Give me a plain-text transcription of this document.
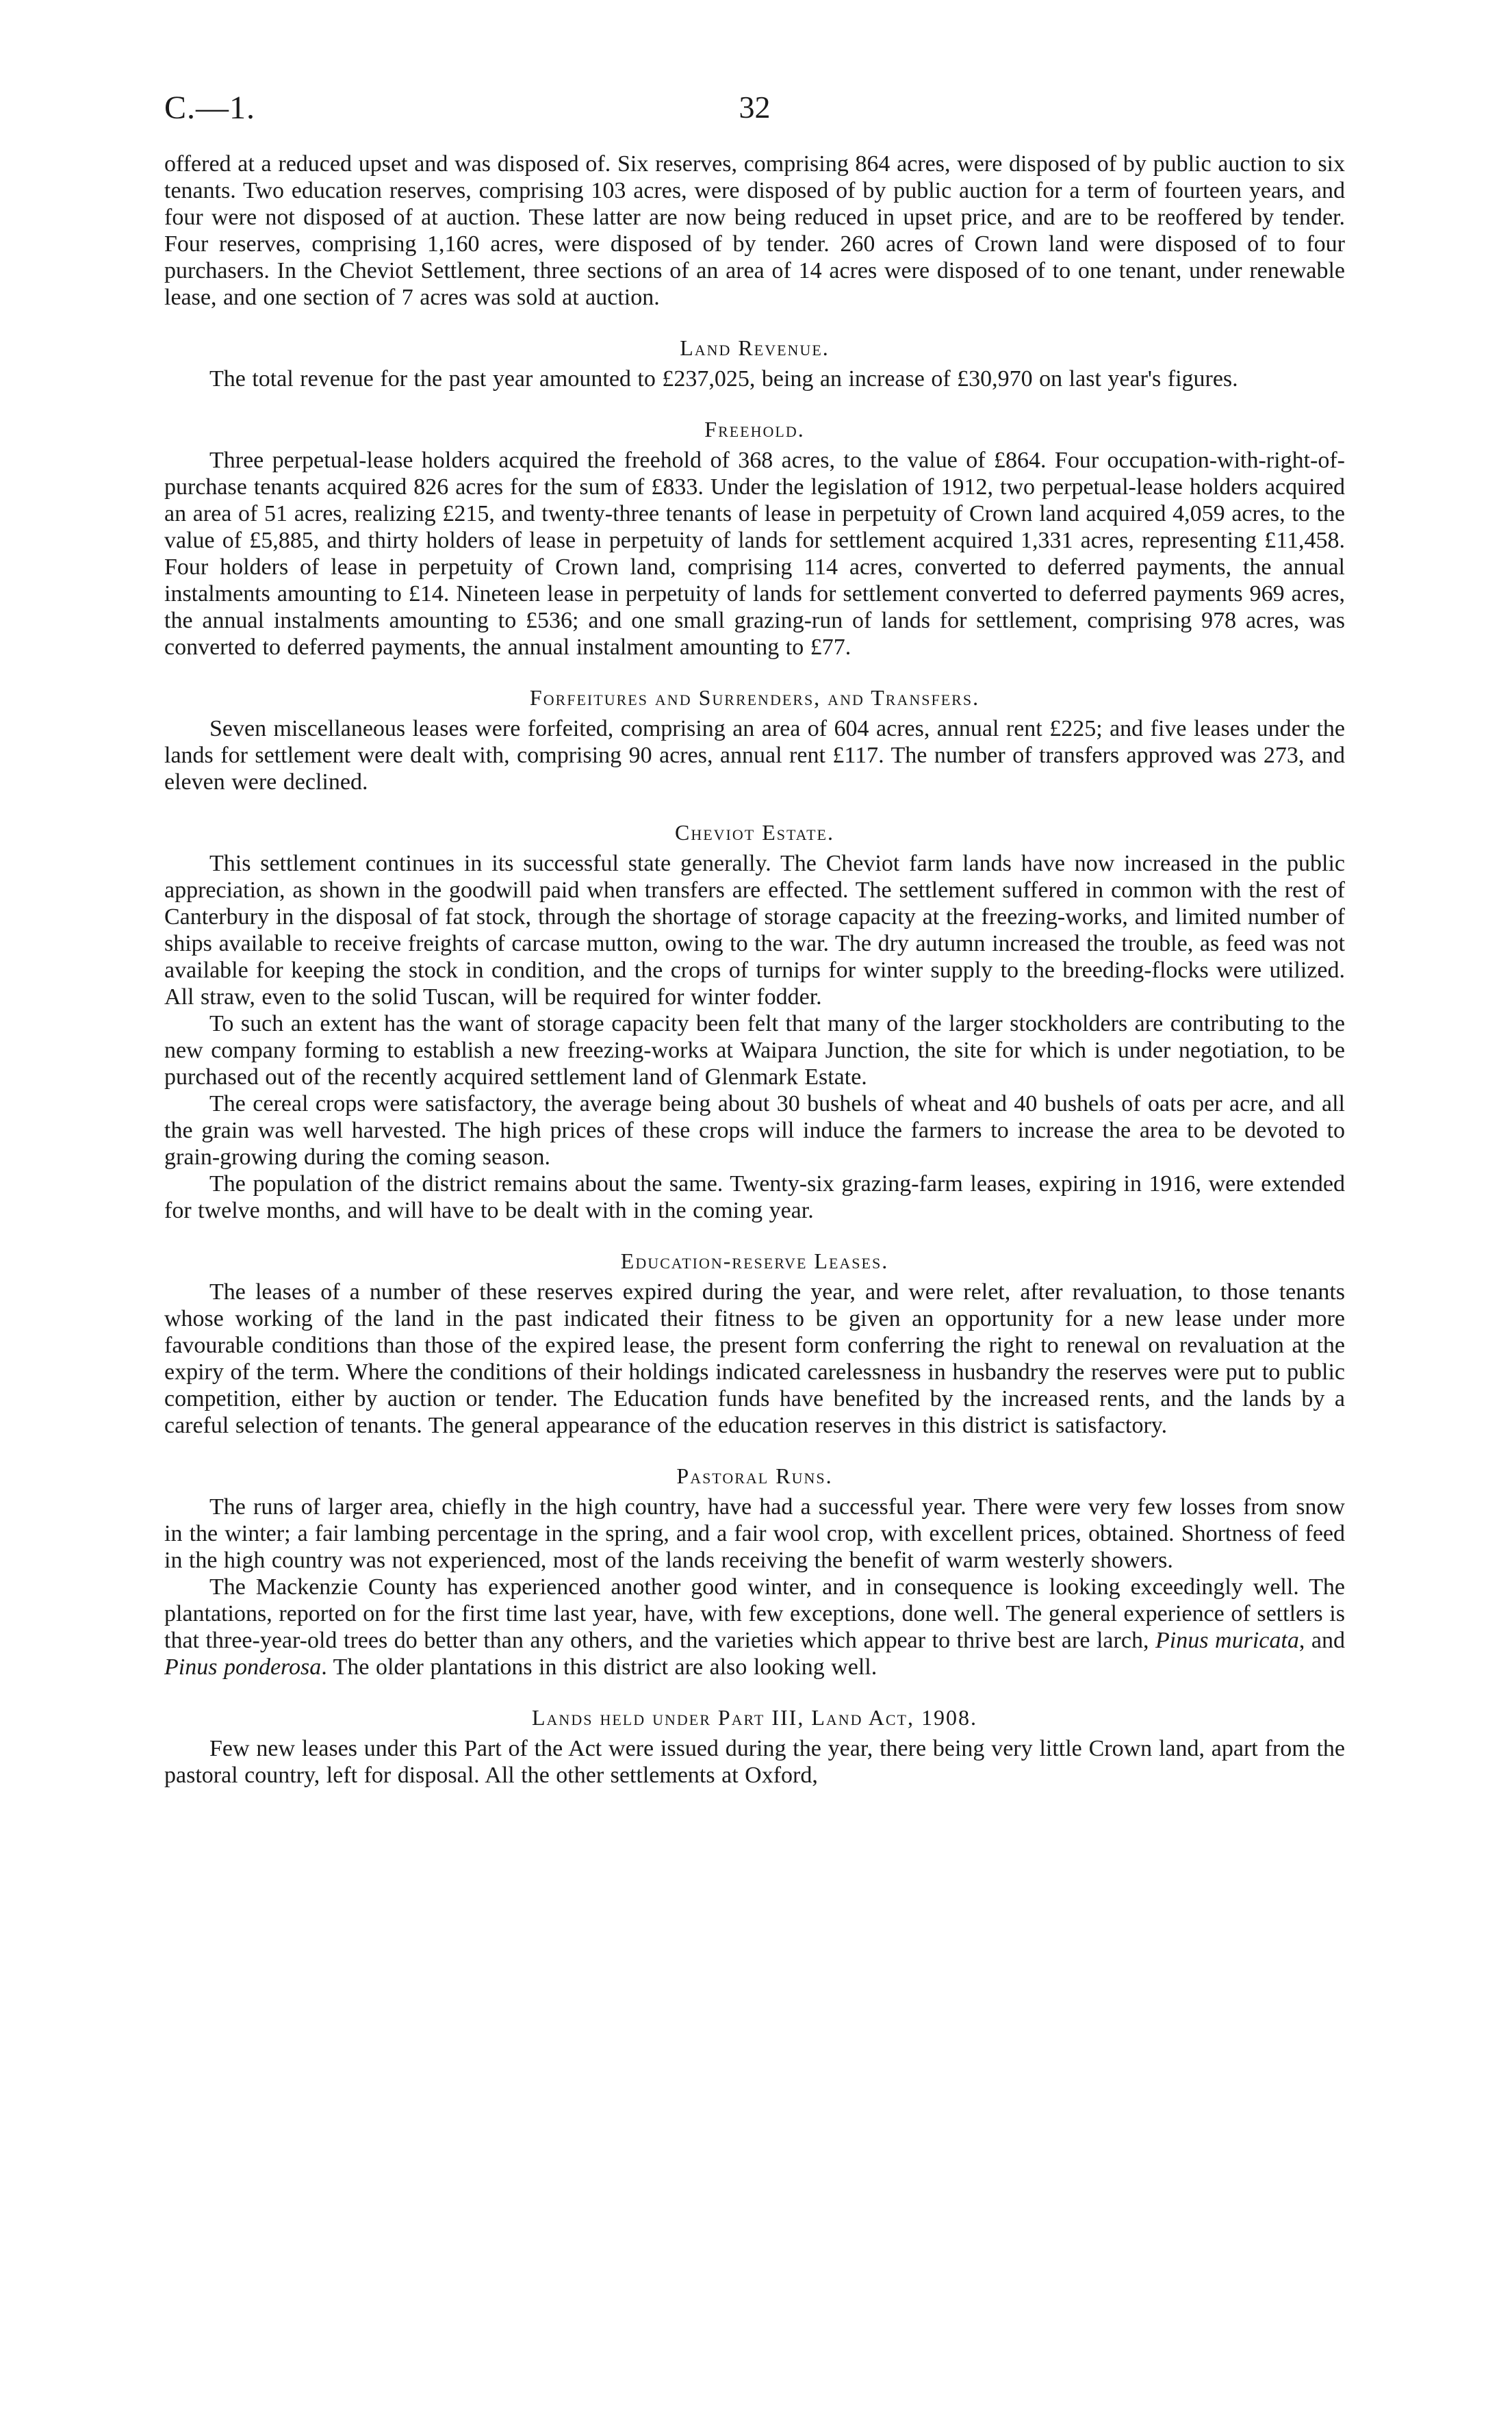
C.—1.	32

offered at a reduced upset and was disposed of. Six reserves, comprising 864 acres, were disposed of by public auction to six tenants. Two education reserves, comprising 103 acres, were disposed of by public auction for a term of fourteen years, and four were not disposed of at auction. These latter are now being reduced in upset price, and are to be reoffered by tender. Four reserves, comprising 1,160 acres, were disposed of by tender. 260 acres of Crown land were disposed of to four purchasers. In the Cheviot Settlement, three sections of an area of 14 acres were disposed of to one tenant, under renewable lease, and one section of 7 acres was sold at auction.

Land Revenue.

The total revenue for the past year amounted to £237,025, being an increase of £30,970 on last year's figures.

Freehold.

Three perpetual-lease holders acquired the freehold of 368 acres, to the value of £864. Four occupation-with-right-of-purchase tenants acquired 826 acres for the sum of £833. Under the legislation of 1912, two perpetual-lease holders acquired an area of 51 acres, realizing £215, and twenty-three tenants of lease in perpetuity of Crown land acquired 4,059 acres, to the value of £5,885, and thirty holders of lease in perpetuity of lands for settlement acquired 1,331 acres, representing £11,458. Four holders of lease in perpetuity of Crown land, comprising 114 acres, converted to deferred payments, the annual instalments amounting to £14. Nineteen lease in perpetuity of lands for settlement converted to deferred payments 969 acres, the annual instalments amounting to £536; and one small grazing-run of lands for settlement, comprising 978 acres, was converted to deferred payments, the annual instalment amounting to £77.

Forfeitures and Surrenders, and Transfers.

Seven miscellaneous leases were forfeited, comprising an area of 604 acres, annual rent £225; and five leases under the lands for settlement were dealt with, comprising 90 acres, annual rent £117. The number of transfers approved was 273, and eleven were declined.

Cheviot Estate.

This settlement continues in its successful state generally. The Cheviot farm lands have now increased in the public appreciation, as shown in the goodwill paid when transfers are effected. The settlement suffered in common with the rest of Canterbury in the disposal of fat stock, through the shortage of storage capacity at the freezing-works, and limited number of ships available to receive freights of carcase mutton, owing to the war. The dry autumn increased the trouble, as feed was not available for keeping the stock in condition, and the crops of turnips for winter supply to the breeding-flocks were utilized. All straw, even to the solid Tuscan, will be required for winter fodder.

To such an extent has the want of storage capacity been felt that many of the larger stockholders are contributing to the new company forming to establish a new freezing-works at Waipara Junction, the site for which is under negotiation, to be purchased out of the recently acquired settlement land of Glenmark Estate.

The cereal crops were satisfactory, the average being about 30 bushels of wheat and 40 bushels of oats per acre, and all the grain was well harvested. The high prices of these crops will induce the farmers to increase the area to be devoted to grain-growing during the coming season.

The population of the district remains about the same. Twenty-six grazing-farm leases, expiring in 1916, were extended for twelve months, and will have to be dealt with in the coming year.

Education-reserve Leases.

The leases of a number of these reserves expired during the year, and were relet, after revaluation, to those tenants whose working of the land in the past indicated their fitness to be given an opportunity for a new lease under more favourable conditions than those of the expired lease, the present form conferring the right to renewal on revaluation at the expiry of the term. Where the conditions of their holdings indicated carelessness in husbandry the reserves were put to public competition, either by auction or tender. The Education funds have benefited by the increased rents, and the lands by a careful selection of tenants. The general appearance of the education reserves in this district is satisfactory.

Pastoral Runs.

The runs of larger area, chiefly in the high country, have had a successful year. There were very few losses from snow in the winter; a fair lambing percentage in the spring, and a fair wool crop, with excellent prices, obtained. Shortness of feed in the high country was not experienced, most of the lands receiving the benefit of warm westerly showers.

The Mackenzie County has experienced another good winter, and in consequence is looking exceedingly well. The plantations, reported on for the first time last year, have, with few exceptions, done well. The general experience of settlers is that three-year-old trees do better than any others, and the varieties which appear to thrive best are larch, Pinus muricata, and Pinus ponderosa. The older plantations in this district are also looking well.

Lands held under Part III, Land Act, 1908.

Few new leases under this Part of the Act were issued during the year, there being very little Crown land, apart from the pastoral country, left for disposal. All the other settlements at Oxford,
